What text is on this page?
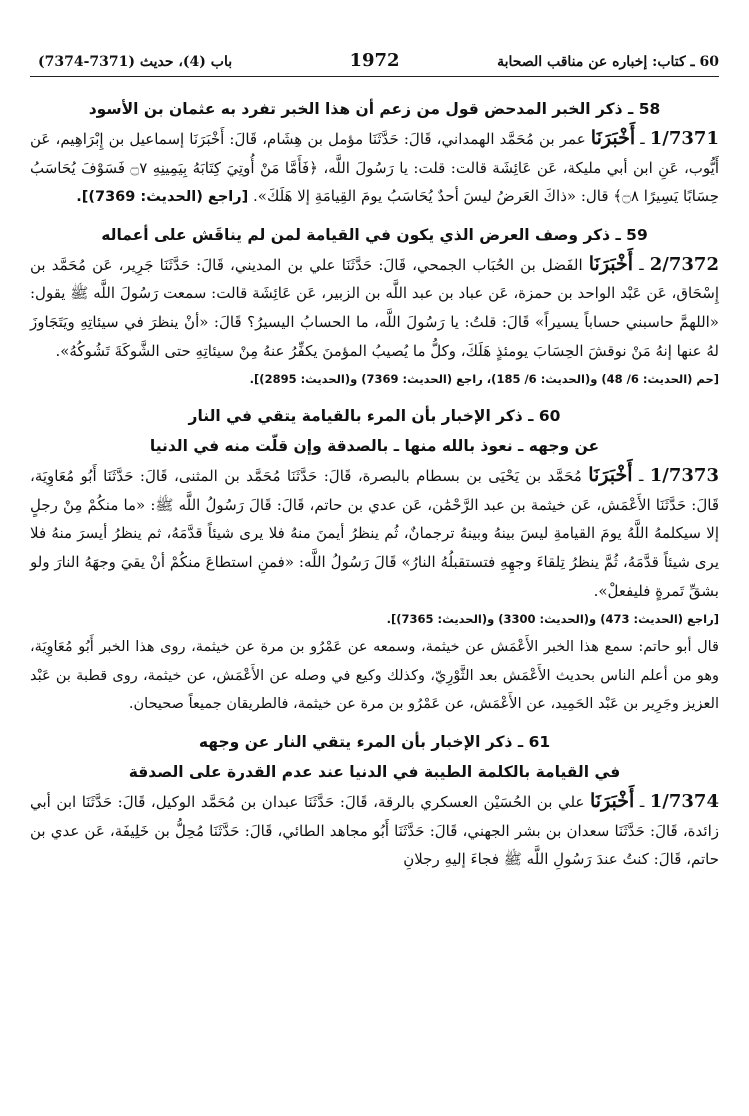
باب (4)، حديث (7371-7374)	1972	60 ـ كتاب: إخباره عن مناقب الصحابة
58 ـ ذكر الخبر المدحض قول من زعم أن هذا الخبر تفرد به عثمان بن الأسود

1/7371 ـ أَخْبَرَنَا عمر بن مُحَمَّد الهمداني، قَالَ: حَدَّثَنَا مؤمل بن هِشَام، قَالَ: أَخْبَرَنَا إسماعيل بن إِبْرَاهِيم، عَن أَيُّوب، عَنِ ابن أبي مليكة، عَن عَائِشَة قالت: قلت: يا رَسُولَ اللَّه، ﴿فَأَمَّا مَنْ أُوتِيَ كِتَابَهُ بِيَمِينِهِ ۝٧ فَسَوْفَ يُحَاسَبُ حِسَابًا يَسِيرًا ۝٨﴾ قال: «ذاكَ العَرضُ ليسَ أحدٌ يُحَاسَبُ يومَ القِيامَةِ إلا هَلَكَ». [راجع (الحديث: 7369)].

59 ـ ذكر وصف العرض الذي يكون في القيامة لمن لم يناقَش على أعماله

2/7372 ـ أَخْبَرَنَا الفَضل بن الحُبَاب الجمحي، قَالَ: حَدَّثَنَا علي بن المديني، قَالَ: حَدَّثَنَا جَرِير، عَن مُحَمَّد بن إِسْحَاق، عَن عَبْد الواحد بن حمزة، عَن عباد بن عبد اللَّه بن الزبير، عَن عَائِشَة قالت: سمعت رَسُولَ اللَّه ﷺ يقول: «اللهمَّ حاسبني حساباً يسيراً» قَالَ: قلتُ: يا رَسُولَ اللَّه، ما الحسابُ اليسيرُ؟ قَالَ: «أنْ ينظرَ في سيئاتِهِ ويَتَجَاوزَ لهُ عنها إنهُ مَنْ نوقشَ الحِسَابَ يومئذٍ هَلَكَ، وكلُّ ما يُصيبُ المؤمنَ يكفِّرُ عنهُ مِنْ سيئاتِهِ حتى الشَّوكَةَ تَشُوكُهُ».

[حم (الحديث: 6/ 48) و(الحديث: 6/ 185)، راجع (الحديث: 7369) و(الحديث: 2895)].

60 ـ ذكر الإخبار بأن المرء بالقيامة يتقي في النار
عن وجهه ـ نعوذ بالله منها ـ بالصدقة وإن قلّت منه في الدنيا

1/7373 ـ أَخْبَرَنَا مُحَمَّد بن يَحْيَى بن بسطام بالبصرة، قَالَ: حَدَّثَنَا مُحَمَّد بن المثنى، قَالَ: حَدَّثَنَا أَبُو مُعَاوِيَة، قَالَ: حَدَّثَنَا الأَعْمَش، عَن خيثمة بن عبد الرَّحْمَٰن، عَن عدي بن حاتم، قَالَ: قَالَ رَسُولُ اللَّه ﷺ: «ما منكُمْ مِنْ رجلٍ إلا سيكلمهُ اللَّهُ يومَ القيامةِ ليسَ بينهُ وبينهُ ترجمانٌ، ثُم ينظرُ أيمنَ منهُ فلا يرى شيئاً قدَّمَهُ، ثم ينظرُ أيسرَ منهُ فلا يرى شيئاً قدَّمَهُ، ثُمَّ ينظرُ تِلقاءَ وجهِهِ فتستقبلُهُ النارُ» قَالَ رَسُولُ اللَّه: «فمنِ استطاعَ منكُمْ أنْ يقيَ وجهَهُ النارَ ولو بشقِّ تَمرةٍ فليفعلْ».

[راجع (الحديث: 473) و(الحديث: 3300) و(الحديث: 7365)].

قال أبو حاتم: سمع هذا الخبر الأَعْمَش عن خيثمة، وسمعه عن عَمْرُو بن مرة عن خيثمة، روى هذا الخبر أَبُو مُعَاوِيَة، وهو من أعلم الناس بحديث الأَعْمَش بعد الثَّوْرِيّ، وكذلك وكيع في وصله عن الأَعْمَش، عن خيثمة، روى قطبة بن عَبْد العزيز وجَرِير بن عَبْد الحَمِيد، عن الأَعْمَش، عن عَمْرُو بن مرة عن خيثمة، فالطريقان جميعاً صحيحان.

61 ـ ذكر الإخبار بأن المرء يتقي النار عن وجهه
في القيامة بالكلمة الطيبة في الدنيا عند عدم القدرة على الصدقة

1/7374 ـ أَخْبَرَنَا علي بن الحُسَيْن العسكري بالرقة، قَالَ: حَدَّثَنَا عبدان بن مُحَمَّد الوكيل، قَالَ: حَدَّثَنَا ابن أبي زائدة، قَالَ: حَدَّثَنَا سعدان بن بشر الجهني، قَالَ: حَدَّثَنَا أَبُو مجاهد الطائي، قَالَ: حَدَّثَنَا مُحِلُّ بن خَلِيفَة، عَن عدي بن حاتم، قَالَ: كنتُ عندَ رَسُولِ اللَّه ﷺ فجاءَ إليهِ رجلانِ
